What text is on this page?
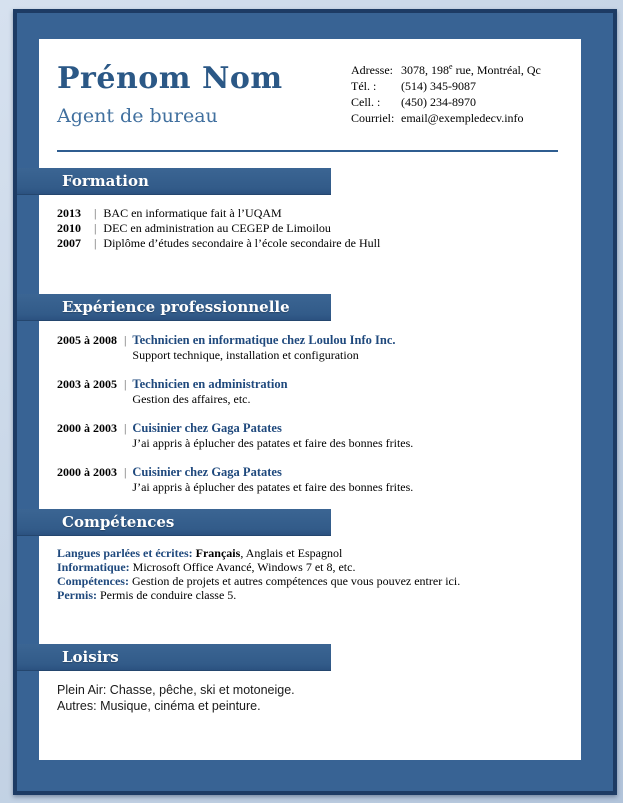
Prénom Nom
Agent de bureau
Adresse: 3078, 198e rue, Montréal, Qc
Tél. :	(514) 345-9087
Cell. :	(450) 234-8970
Courriel: email@exempledecv.info
Formation
2013	| BAC en informatique fait à l’UQAM
2010	| DEC en administration au CEGEP de Limoilou
2007	| Diplôme d’études secondaire à l’école secondaire de Hull
Expérience professionnelle
2005 à 2008 | Technicien en informatique chez Loulou Info Inc.
Support technique, installation et configuration
2003 à 2005 | Technicien en administration
Gestion des affaires, etc.
2000 à 2003 | Cuisinier chez Gaga Patates
J’ai appris à éplucher des patates et faire des bonnes frites.
2000 à 2003 | Cuisinier chez Gaga Patates
J’ai appris à éplucher des patates et faire des bonnes frites.
Compétences
Langues parlées et écrites: Français, Anglais et Espagnol
Informatique: Microsoft Office Avancé, Windows 7 et 8, etc.
Compétences: Gestion de projets et autres compétences que vous pouvez entrer ici.
Permis: Permis de conduire classe 5.
Loisirs
Plein Air: Chasse, pêche, ski et motoneige.
Autres: Musique, cinéma et peinture.
